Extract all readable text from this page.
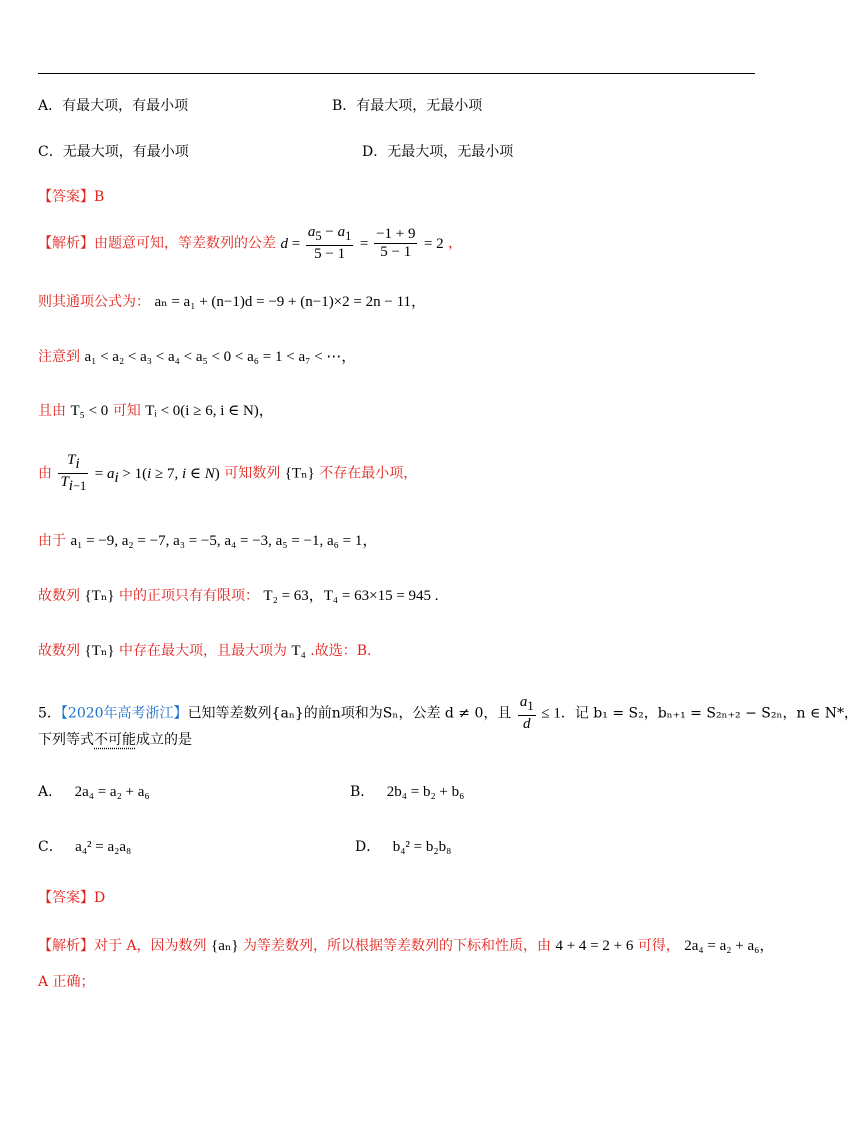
A．有最大项，有最小项	B．有最大项，无最小项
C．无最大项，有最小项	D．无最大项，无最小项
【答案】B
【解析】由题意可知，等差数列的公差 $d = \frac{a_5 - a_1}{5 - 1} = \frac{-1 + 9}{5 - 1} = 2$ ，
则其通项公式为： aₙ = a₁ + (n−1)d = −9 + (n−1)×2 = 2n − 11，
注意到 a₁ < a₂ < a₃ < a₄ < a₅ < 0 < a₆ = 1 < a₇ < ⋯，
且由 T₅ < 0 可知 Tᵢ < 0(i ≥ 6, i ∈ N)，
由 $\frac{T_i}{T_{i-1}} = a_i > 1(i \ge 7$, i ∈ N) 可知数列 {Tₙ} 不存在最小项，
由于 a₁ = −9, a₂ = −7, a₃ = −5, a₄ = −3, a₅ = −1, a₆ = 1，
故数列 {Tₙ} 中的正项只有有限项： T₂ = 63，T₄ = 63×15 = 945 .
故数列 {Tₙ} 中存在最大项，且最大项为 T₄ .故选：B.
5．【2020年高考浙江】已知等差数列{aₙ}的前n项和为Sₙ，公差 d ≠ 0，且 $\frac{a_1}{d} \le 1$．记 b₁ = S₂，bₙ₊₁ = S₂ₙ₊₂ − S₂ₙ，n ∈ N*，
下列等式不可能成立的是
A． 2a₄ = a₂ + a₆	B． 2b₄ = b₂ + b₆
C． a₄² = a₂a₈	D． b₄² = b₂b₈
【答案】D
【解析】对于 A，因为数列 {aₙ} 为等差数列，所以根据等差数列的下标和性质，由 4 + 4 = 2 + 6 可得， 2a₄ = a₂ + a₆，
A 正确；
